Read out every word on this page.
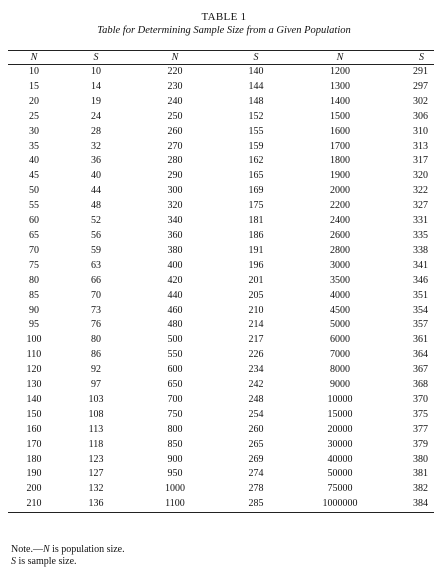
TABLE 1
Table for Determining Sample Size from a Given Population
N	S	N	S	N	S
10	10	220	140	1200	291
15	14	230	144	1300	297
20	19	240	148	1400	302
25	24	250	152	1500	306
30	28	260	155	1600	310
35	32	270	159	1700	313
40	36	280	162	1800	317
45	40	290	165	1900	320
50	44	300	169	2000	322
55	48	320	175	2200	327
60	52	340	181	2400	331
65	56	360	186	2600	335
70	59	380	191	2800	338
75	63	400	196	3000	341
80	66	420	201	3500	346
85	70	440	205	4000	351
90	73	460	210	4500	354
95	76	480	214	5000	357
100	80	500	217	6000	361
110	86	550	226	7000	364
120	92	600	234	8000	367
130	97	650	242	9000	368
140	103	700	248	10000	370
150	108	750	254	15000	375
160	113	800	260	20000	377
170	118	850	265	30000	379
180	123	900	269	40000	380
190	127	950	274	50000	381
200	132	1000	278	75000	382
210	136	1100	285	1000000	384
Note.—N is population size.
S is sample size.
